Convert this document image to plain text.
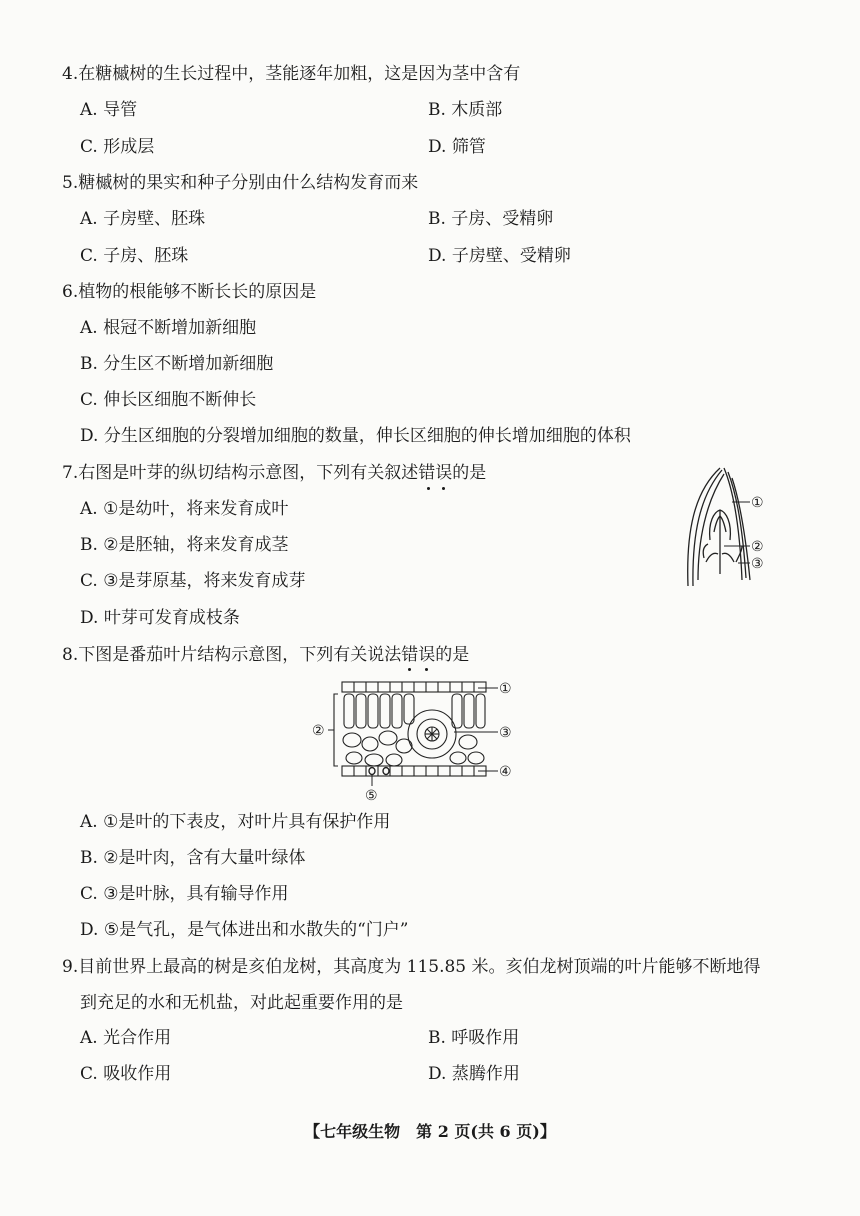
4.在糖槭树的生长过程中，茎能逐年加粗，这是因为茎中含有
A. 导管	B. 木质部
C. 形成层	D. 筛管
5.糖槭树的果实和种子分别由什么结构发育而来
A. 子房壁、胚珠	B. 子房、受精卵
C. 子房、胚珠	D. 子房壁、受精卵
6.植物的根能够不断长长的原因是
A. 根冠不断增加新细胞
B. 分生区不断增加新细胞
C. 伸长区细胞不断伸长
D. 分生区细胞的分裂增加细胞的数量，伸长区细胞的伸长增加细胞的体积
7.右图是叶芽的纵切结构示意图，下列有关叙述错误的是
A. ①是幼叶，将来发育成叶
B. ②是胚轴，将来发育成茎
C. ③是芽原基，将来发育成芽
D. 叶芽可发育成枝条
①
②
③
8.下图是番茄叶片结构示意图，下列有关说法错误的是
①
②	③
④
⑤
A. ①是叶的下表皮，对叶片具有保护作用
B. ②是叶肉，含有大量叶绿体
C. ③是叶脉，具有输导作用
D. ⑤是气孔，是气体进出和水散失的“门户”
9.目前世界上最高的树是亥伯龙树，其高度为 115.85 米。亥伯龙树顶端的叶片能够不断地得
到充足的水和无机盐，对此起重要作用的是
A. 光合作用	B. 呼吸作用
C. 吸收作用	D. 蒸腾作用
【七年级生物　第 2 页(共 6 页)】
